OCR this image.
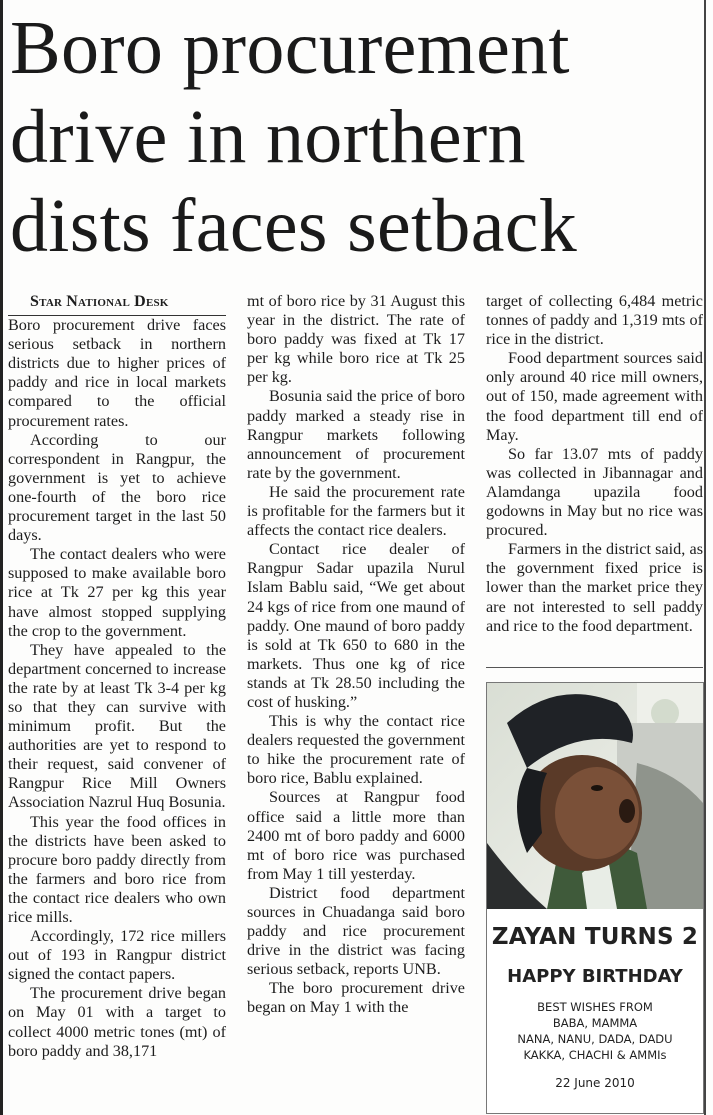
Boro procurement
drive in northern
dists faces setback

Star National Desk

Boro procurement drive faces serious setback in northern districts due to higher prices of paddy and rice in local markets compared to the official procurement rates.

According to our correspondent in Rangpur, the government is yet to achieve one-fourth of the boro rice procurement target in the last 50 days.

The contact dealers who were supposed to make available boro rice at Tk 27 per kg this year have almost stopped supplying the crop to the government.

They have appealed to the department concerned to increase the rate by at least Tk 3-4 per kg so that they can survive with minimum profit. But the authorities are yet to respond to their request, said convener of Rangpur Rice Mill Owners Association Nazrul Huq Bosunia.

This year the food offices in the districts have been asked to procure boro paddy directly from the farmers and boro rice from the contact rice dealers who own rice mills.

Accordingly, 172 rice millers out of 193 in Rangpur district signed the contact papers.

The procurement drive began on May 01 with a target to collect 4000 metric tones (mt) of boro paddy and 38,171

mt of boro rice by 31 August this year in the district. The rate of boro paddy was fixed at Tk 17 per kg while boro rice at Tk 25 per kg.

Bosunia said the price of boro paddy marked a steady rise in Rangpur markets following announcement of procurement rate by the government.

He said the procurement rate is profitable for the farmers but it affects the contact rice dealers.

Contact rice dealer of Rangpur Sadar upazila Nurul Islam Bablu said, “We get about 24 kgs of rice from one maund of paddy. One maund of boro paddy is sold at Tk 650 to 680 in the markets. Thus one kg of rice stands at Tk 28.50 including the cost of husking.”

This is why the contact rice dealers requested the government to hike the procurement rate of boro rice, Bablu explained.

Sources at Rangpur food office said a little more than 2400 mt of boro paddy and 6000 mt of boro rice was purchased from May 1 till yesterday.

District food department sources in Chuadanga said boro paddy and rice procurement drive in the district was facing serious setback, reports UNB.

The boro procurement drive began on May 1 with the

target of collecting 6,484 metric tonnes of paddy and 1,319 mts of rice in the district.

Food department sources said only around 40 rice mill owners, out of 150, made agreement with the food department till end of May.

So far 13.07 mts of paddy was collected in Jibannagar and Alamdanga upazila food godowns in May but no rice was procured.

Farmers in the district said, as the government fixed price is lower than the market price they are not interested to sell paddy and rice to the food department.

ZAYAN TURNS 2
HAPPY BIRTHDAY
BEST WISHES FROM
BABA, MAMMA
NANA, NANU, DADA, DADU
KAKKA, CHACHI & AMMIs
22 June 2010
